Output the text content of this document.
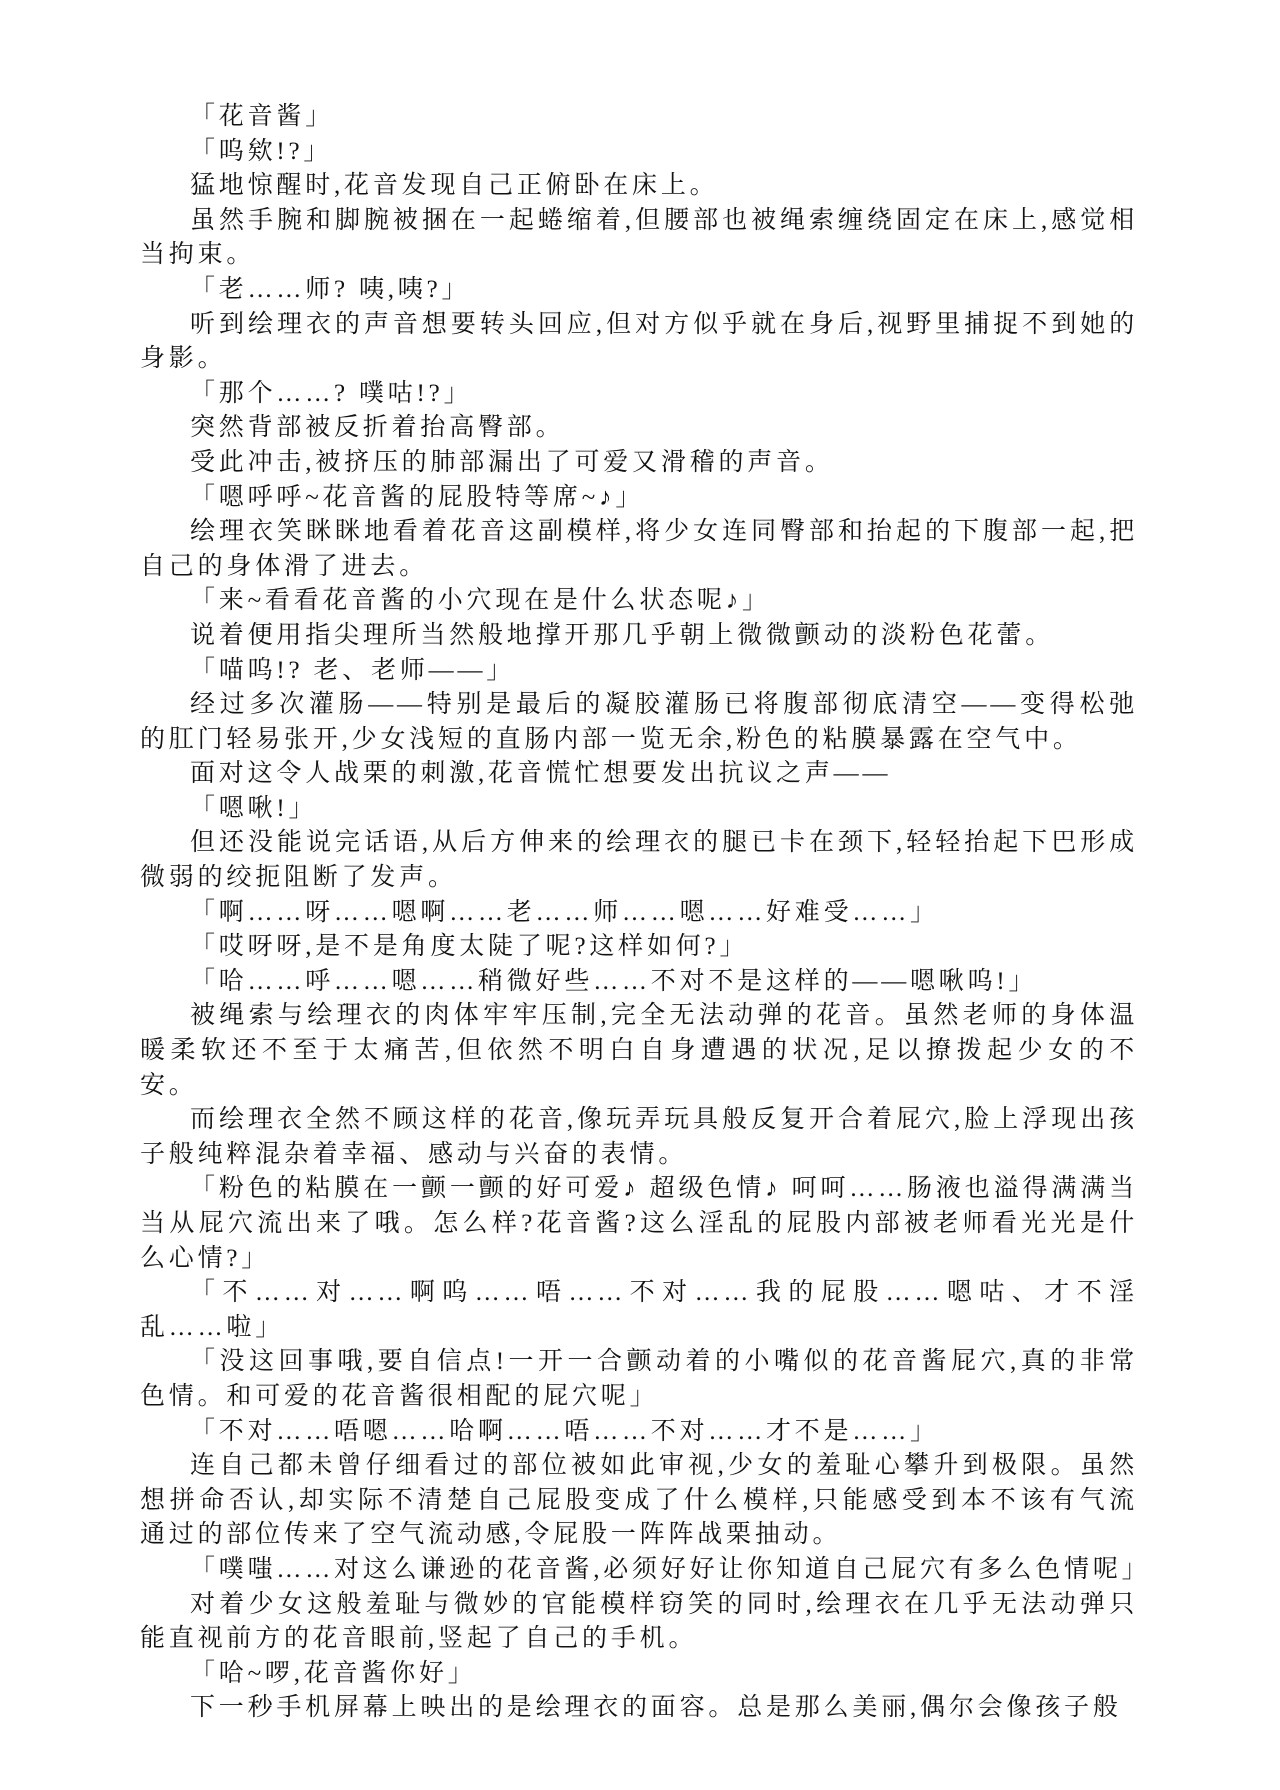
「花音酱」

「呜欸!?」

猛地惊醒时,花音发现自己正俯卧在床上。

虽然手腕和脚腕被捆在一起蜷缩着,但腰部也被绳索缠绕固定在床上,感觉相当拘束。

「老……师? 咦,咦?」

听到绘理衣的声音想要转头回应,但对方似乎就在身后,视野里捕捉不到她的身影。

「那个……? 噗咕!?」

突然背部被反折着抬高臀部。

受此冲击,被挤压的肺部漏出了可爱又滑稽的声音。

「嗯呼呼~花音酱的屁股特等席~♪」

绘理衣笑眯眯地看着花音这副模样,将少女连同臀部和抬起的下腹部一起,把自己的身体滑了进去。

「来~看看花音酱的小穴现在是什么状态呢♪」

说着便用指尖理所当然般地撑开那几乎朝上微微颤动的淡粉色花蕾。

「喵呜!? 老、老师——」

经过多次灌肠——特别是最后的凝胶灌肠已将腹部彻底清空——变得松弛的肛门轻易张开,少女浅短的直肠内部一览无余,粉色的粘膜暴露在空气中。

面对这令人战栗的刺激,花音慌忙想要发出抗议之声——

「嗯啾!」

但还没能说完话语,从后方伸来的绘理衣的腿已卡在颈下,轻轻抬起下巴形成微弱的绞扼阻断了发声。

「啊……呀……嗯啊……老……师……嗯……好难受……」

「哎呀呀,是不是角度太陡了呢?这样如何?」

「哈……呼……嗯……稍微好些……不对不是这样的——嗯啾呜!」

被绳索与绘理衣的肉体牢牢压制,完全无法动弹的花音。虽然老师的身体温暖柔软还不至于太痛苦,但依然不明白自身遭遇的状况,足以撩拨起少女的不安。

而绘理衣全然不顾这样的花音,像玩弄玩具般反复开合着屁穴,脸上浮现出孩子般纯粹混杂着幸福、感动与兴奋的表情。

「粉色的粘膜在一颤一颤的好可爱♪ 超级色情♪ 呵呵……肠液也溢得满满当当从屁穴流出来了哦。怎么样?花音酱?这么淫乱的屁股内部被老师看光光是什么心情?」

「不……对……啊呜……唔……不对……我的屁股……嗯咕、才不淫乱……啦」

「没这回事哦,要自信点!一开一合颤动着的小嘴似的花音酱屁穴,真的非常色情。和可爱的花音酱很相配的屁穴呢」

「不对……唔嗯……哈啊……唔……不对……才不是……」

连自己都未曾仔细看过的部位被如此审视,少女的羞耻心攀升到极限。虽然想拼命否认,却实际不清楚自己屁股变成了什么模样,只能感受到本不该有气流通过的部位传来了空气流动感,令屁股一阵阵战栗抽动。

「噗嗤……对这么谦逊的花音酱,必须好好让你知道自己屁穴有多么色情呢」

对着少女这般羞耻与微妙的官能模样窃笑的同时,绘理衣在几乎无法动弹只能直视前方的花音眼前,竖起了自己的手机。

「哈~啰,花音酱你好」

下一秒手机屏幕上映出的是绘理衣的面容。总是那么美丽,偶尔会像孩子般
